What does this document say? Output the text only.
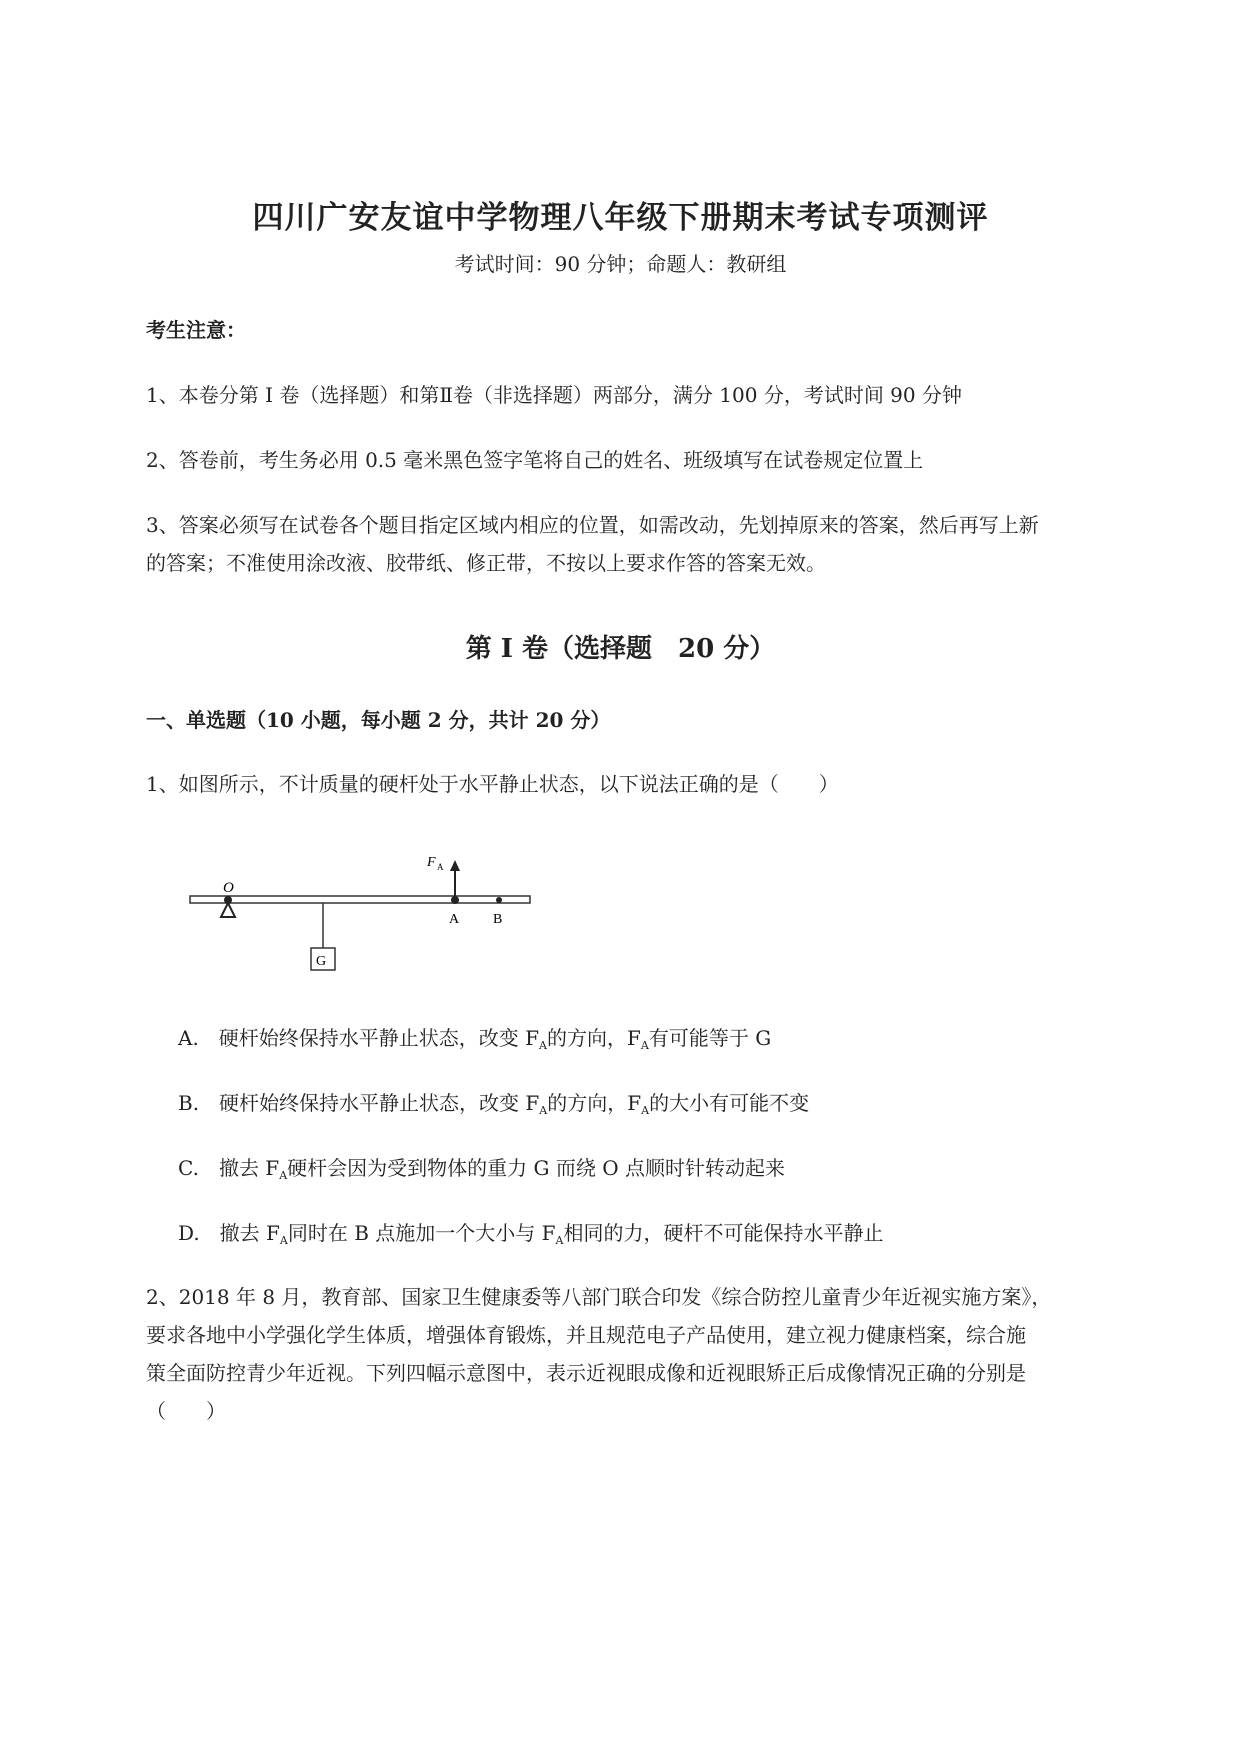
四川广安友谊中学物理八年级下册期末考试专项测评
考试时间：90 分钟；命题人：教研组
考生注意：
1、本卷分第 I 卷（选择题）和第Ⅱ卷（非选择题）两部分，满分 100 分，考试时间 90 分钟
2、答卷前，考生务必用 0.5 毫米黑色签字笔将自己的姓名、班级填写在试卷规定位置上
3、答案必须写在试卷各个题目指定区域内相应的位置，如需改动，先划掉原来的答案，然后再写上新
的答案；不准使用涂改液、胶带纸、修正带，不按以上要求作答的答案无效。
第 I 卷（选择题　20 分）
一、单选题（10 小题，每小题 2 分，共计 20 分）
1、如图所示，不计质量的硬杆处于水平静止状态，以下说法正确的是（　　）
O
G
F A
A B
A.　硬杆始终保持水平静止状态，改变 $F_A$的方向，$F_A$有可能等于 G
B.　硬杆始终保持水平静止状态，改变 $F_A$的方向，$F_A$的大小有可能不变
C.　撤去 $F_A$硬杆会因为受到物体的重力 G 而绕 O 点顺时针转动起来
D.　撤去 $F_A$同时在 B 点施加一个大小与 $F_A$相同的力，硬杆不可能保持水平静止
2、2018 年 8 月，教育部、国家卫生健康委等八部门联合印发《综合防控儿童青少年近视实施方案》，
要求各地中小学强化学生体质，增强体育锻炼，并且规范电子产品使用，建立视力健康档案，综合施
策全面防控青少年近视。下列四幅示意图中，表示近视眼成像和近视眼矫正后成像情况正确的分别是
（　　）
